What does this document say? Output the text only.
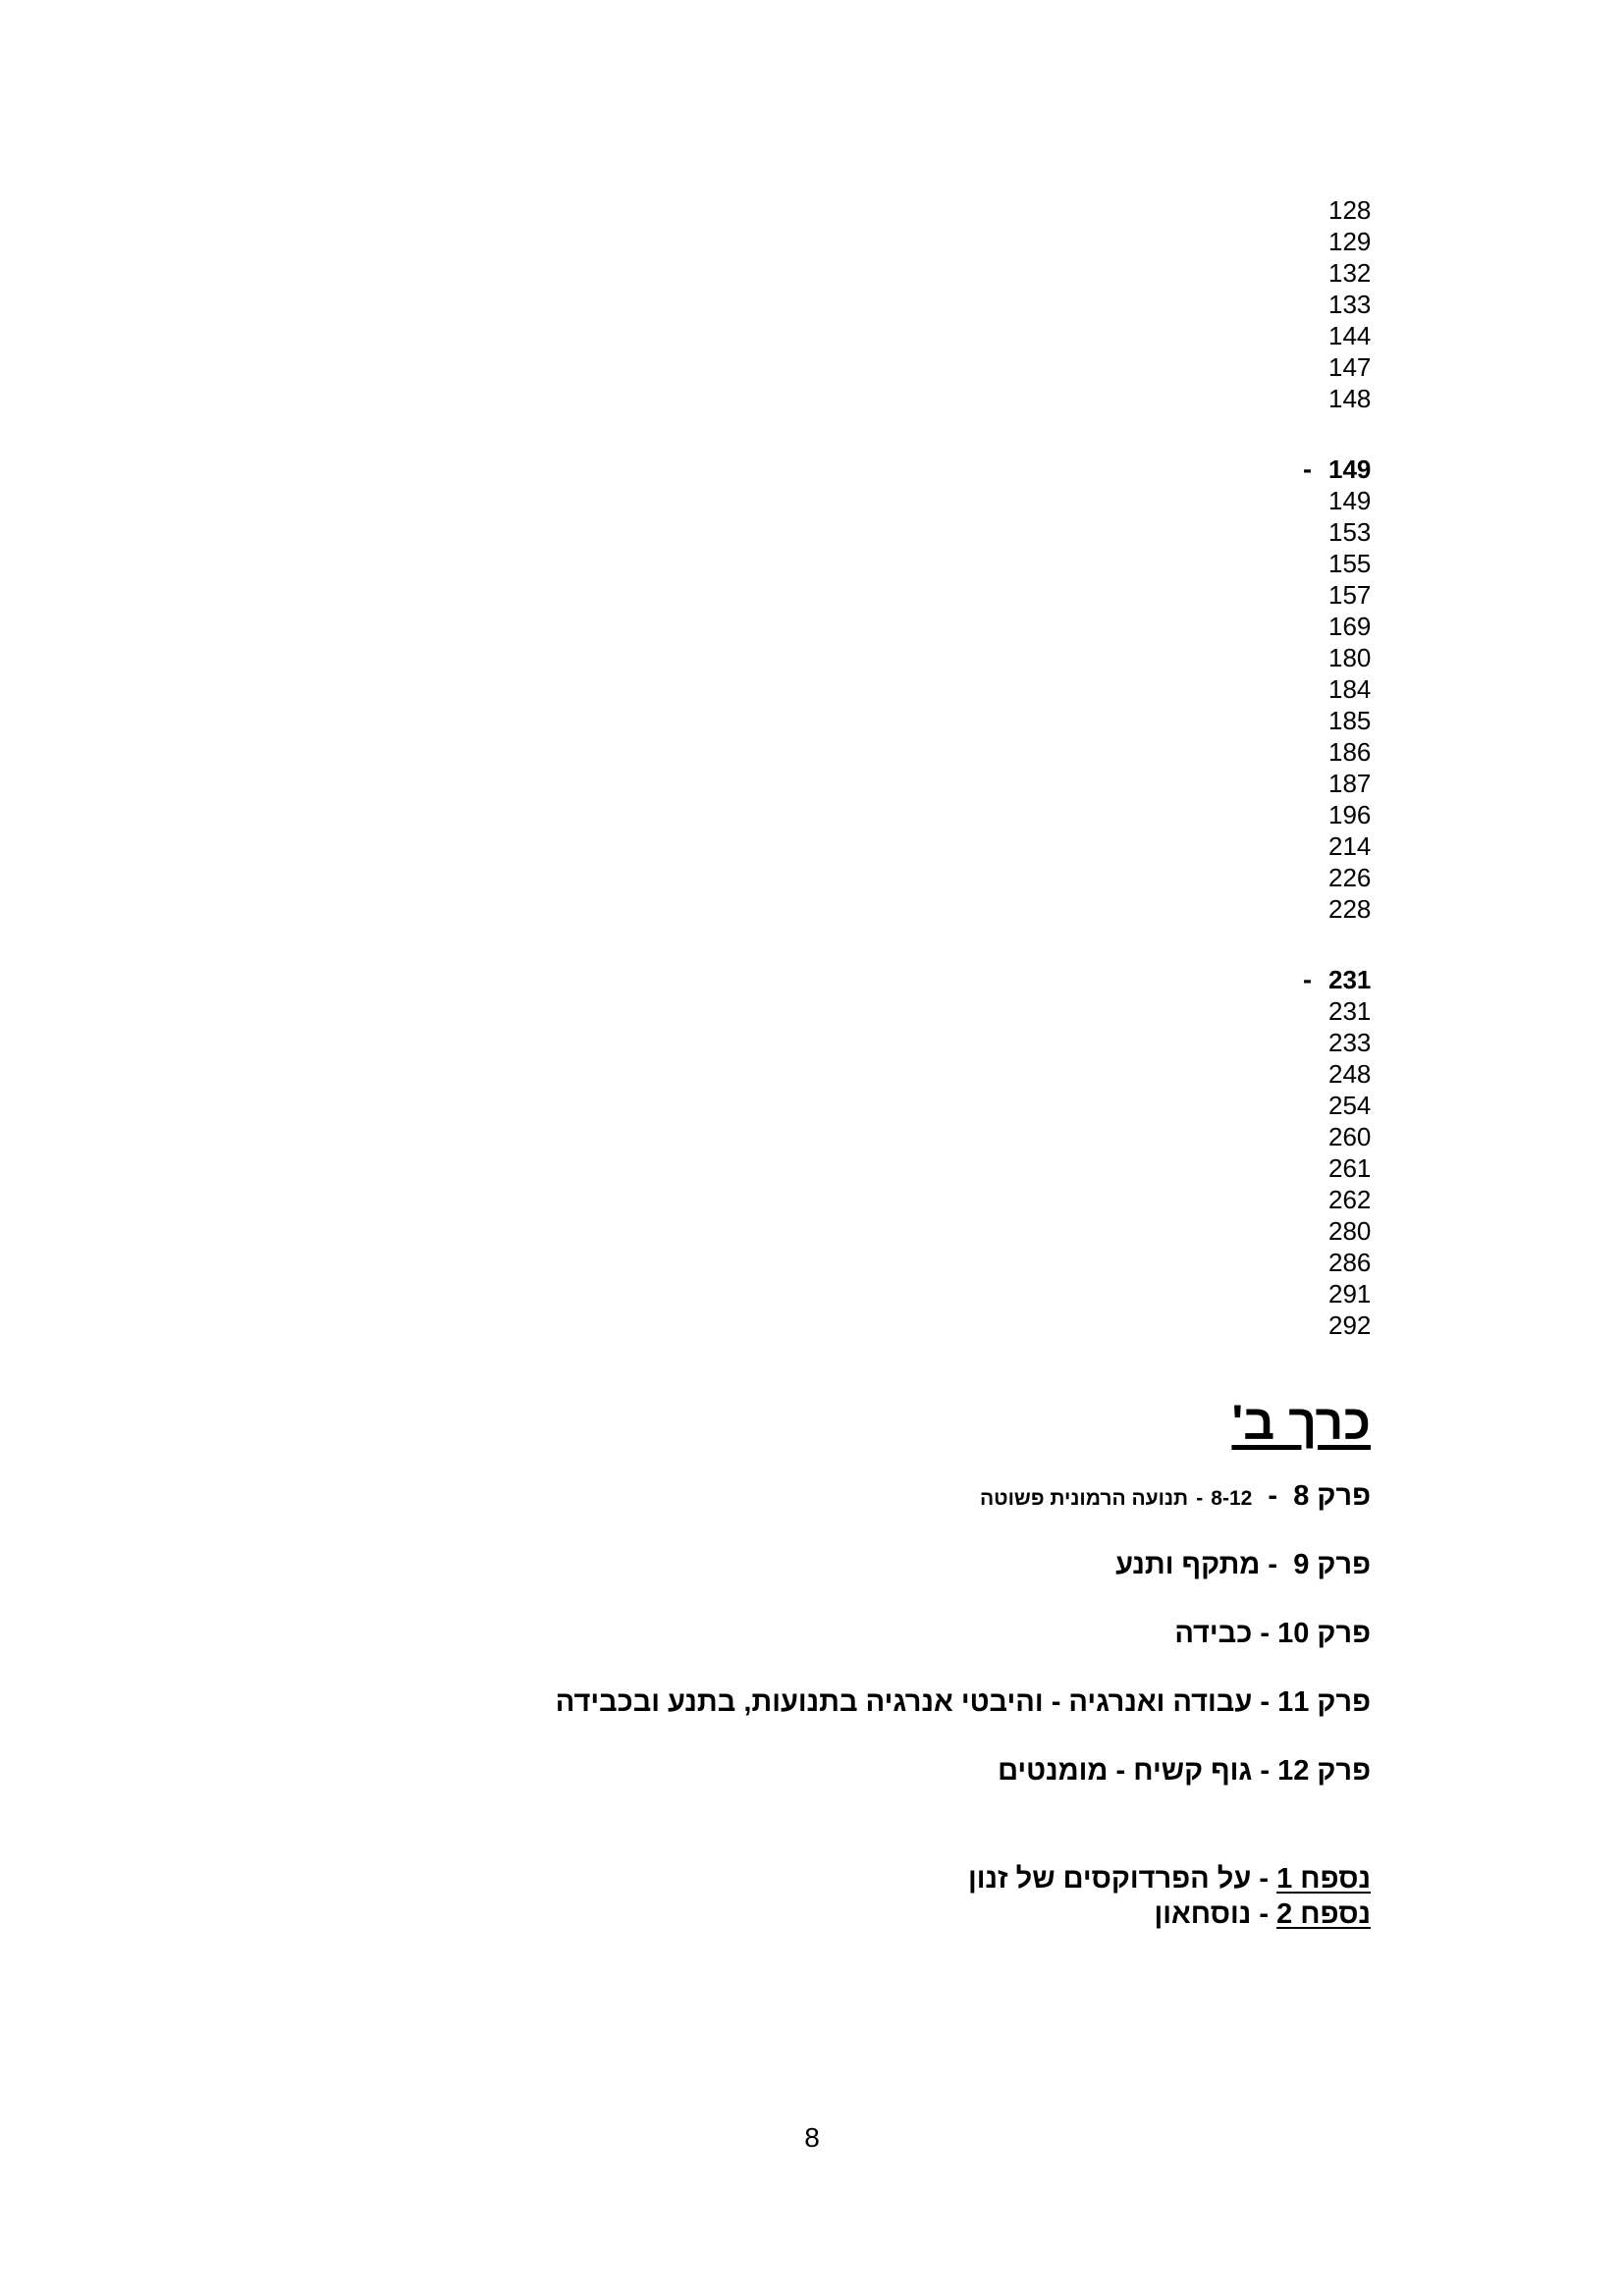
128
129
132
133
144
147
148
149
-
149
153
155
157
169
180
184
185
186
187
196
214
226
228
231
-
231
233
248
254
260
261
262
280
286
291
292
כרך ב'
פרק 8  -  8-12 - תנועה הרמונית פשוטה
פרק 9  - מתקף ותנע
פרק 10 - כבידה
פרק 11 - עבודה ואנרגיה - והיבטי אנרגיה בתנועות, בתנע ובכבידה
פרק 12 - גוף קשיח - מומנטים
נספח 1 - על הפרדוקסים של זנון
נספח 2 - נוסחאון
8
